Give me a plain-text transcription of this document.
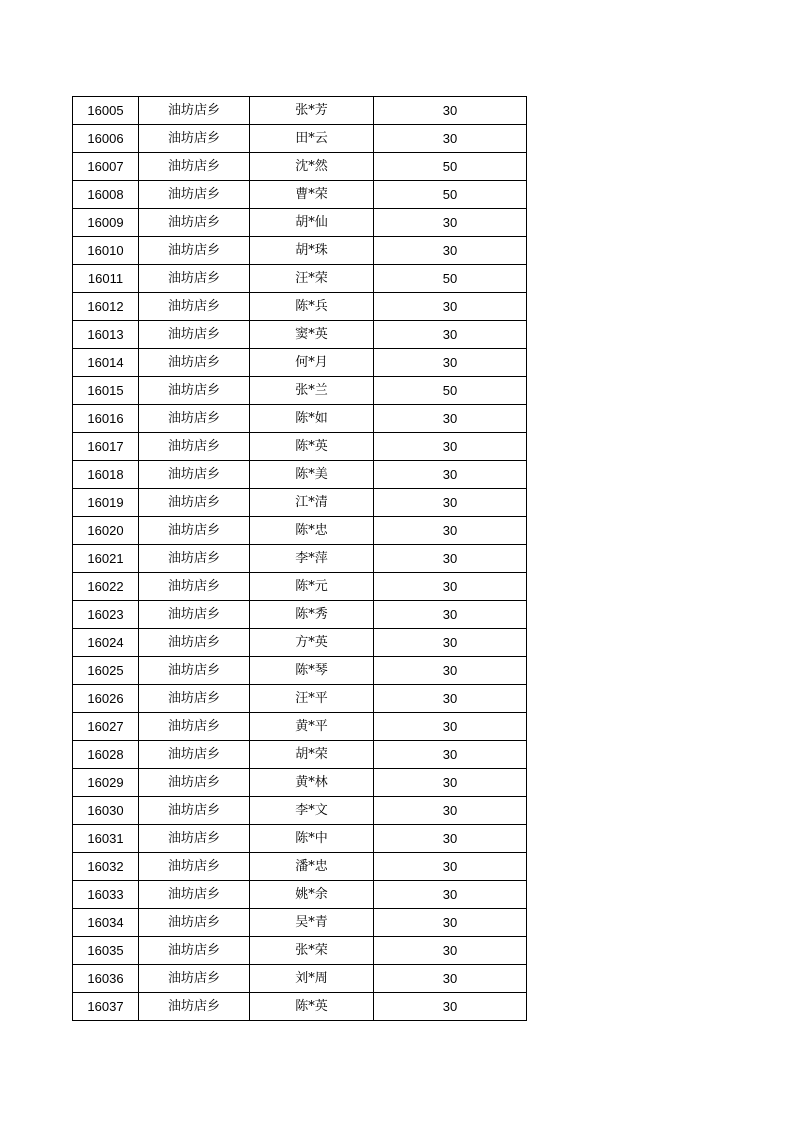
16005	油坊店乡	张*芳	30
16006	油坊店乡	田*云	30
16007	油坊店乡	沈*然	50
16008	油坊店乡	曹*荣	50
16009	油坊店乡	胡*仙	30
16010	油坊店乡	胡*珠	30
16011	油坊店乡	汪*荣	50
16012	油坊店乡	陈*兵	30
16013	油坊店乡	窦*英	30
16014	油坊店乡	何*月	30
16015	油坊店乡	张*兰	50
16016	油坊店乡	陈*如	30
16017	油坊店乡	陈*英	30
16018	油坊店乡	陈*美	30
16019	油坊店乡	江*清	30
16020	油坊店乡	陈*忠	30
16021	油坊店乡	李*萍	30
16022	油坊店乡	陈*元	30
16023	油坊店乡	陈*秀	30
16024	油坊店乡	方*英	30
16025	油坊店乡	陈*琴	30
16026	油坊店乡	汪*平	30
16027	油坊店乡	黄*平	30
16028	油坊店乡	胡*荣	30
16029	油坊店乡	黄*林	30
16030	油坊店乡	李*文	30
16031	油坊店乡	陈*中	30
16032	油坊店乡	潘*忠	30
16033	油坊店乡	姚*余	30
16034	油坊店乡	吴*青	30
16035	油坊店乡	张*荣	30
16036	油坊店乡	刘*周	30
16037	油坊店乡	陈*英	30
